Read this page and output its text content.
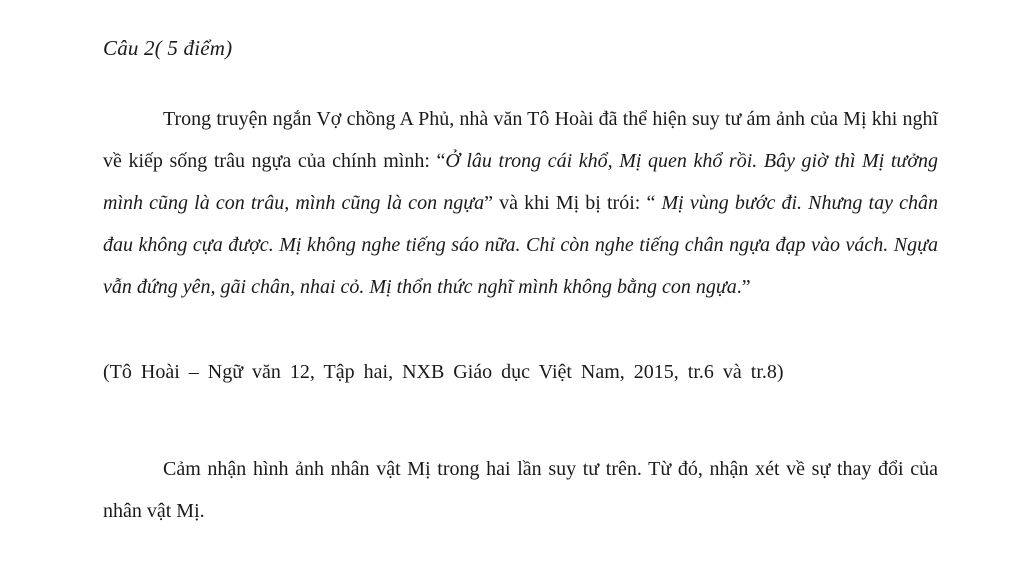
Câu 2( 5 điểm)

Trong truyện ngắn Vợ chồng A Phủ, nhà văn Tô Hoài đã thể hiện suy tư ám ảnh của Mị khi nghĩ về kiếp sống trâu ngựa của chính mình: “Ở lâu trong cái khổ, Mị quen khổ rồi. Bây giờ thì Mị tưởng mình cũng là con trâu, mình cũng là con ngựa” và khi Mị bị trói: “ Mị vùng bước đi. Nhưng tay chân đau không cựa được. Mị không nghe tiếng sáo nữa. Chỉ còn nghe tiếng chân ngựa đạp vào vách. Ngựa vẫn đứng yên, gãi chân, nhai cỏ. Mị thổn thức nghĩ mình không bằng con ngựa.”

(Tô Hoài – Ngữ văn 12, Tập hai, NXB Giáo dục Việt Nam, 2015, tr.6 và tr.8)

Cảm nhận hình ảnh nhân vật Mị trong hai lần suy tư trên. Từ đó, nhận xét về sự thay đổi của nhân vật Mị.
